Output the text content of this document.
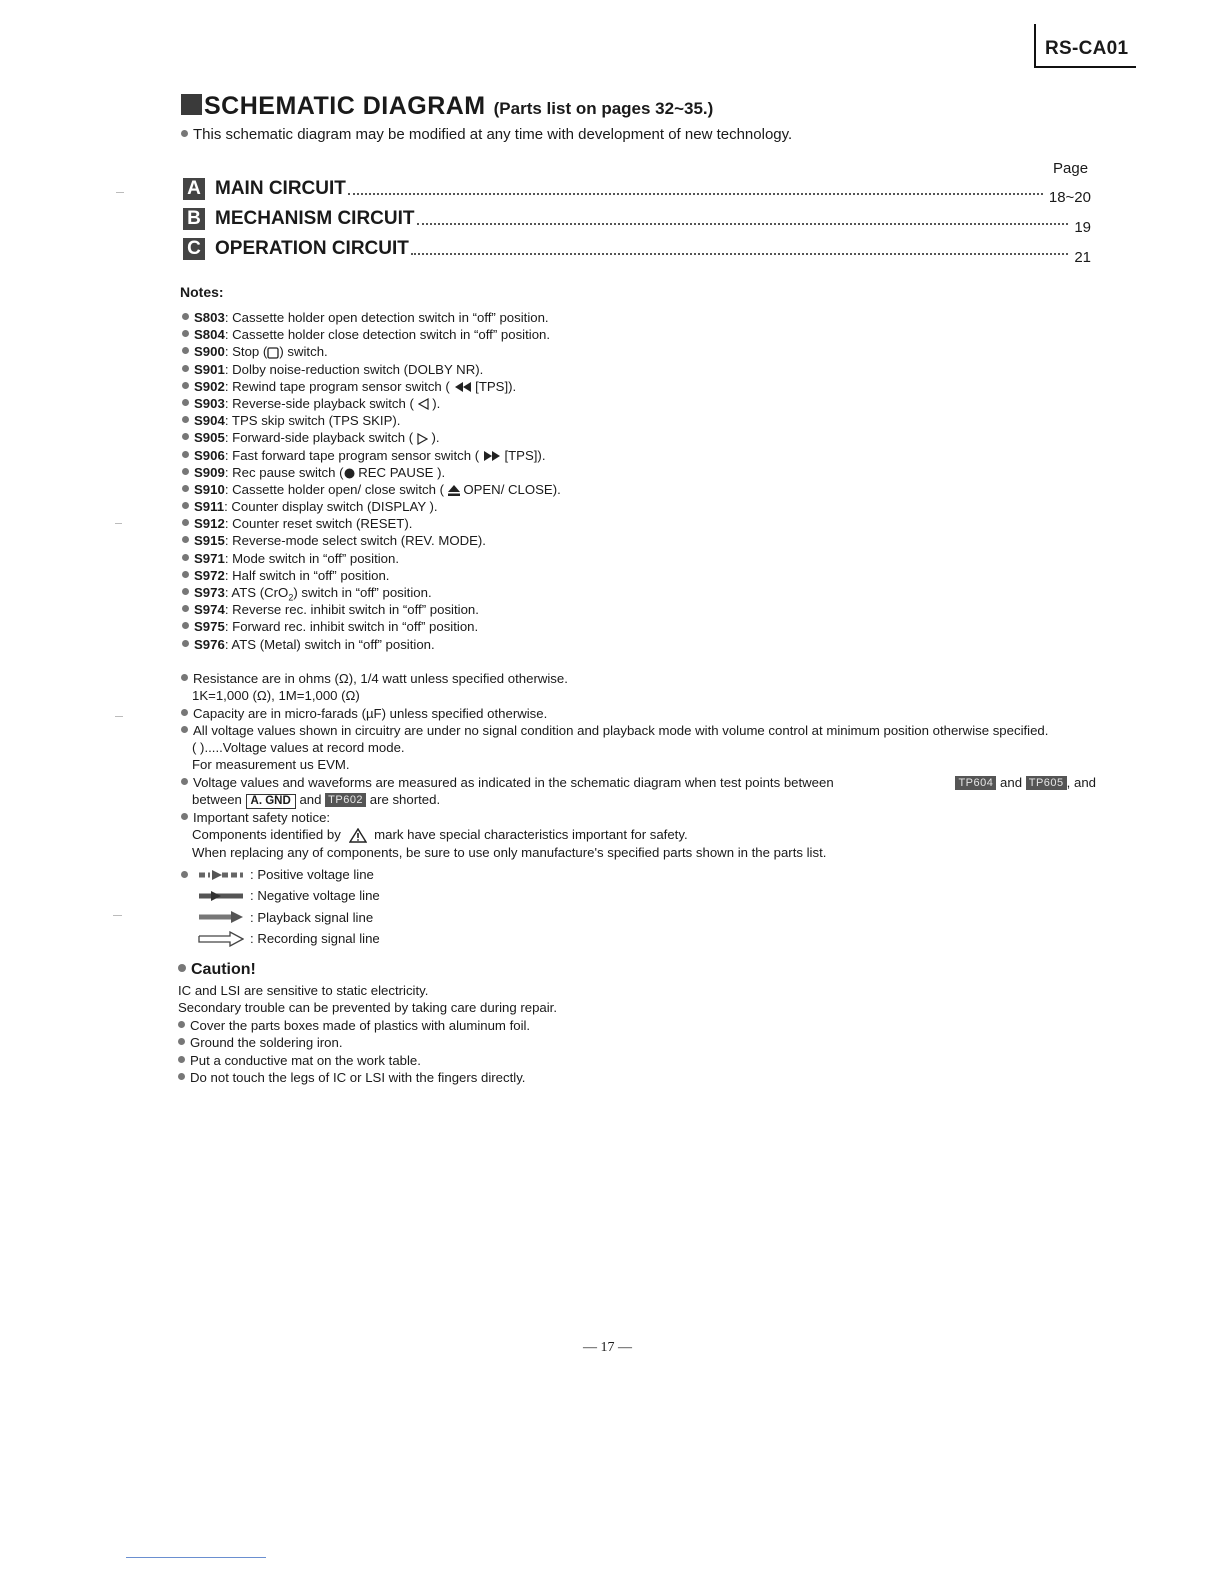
RS-CA01
SCHEMATIC DIAGRAM (Parts list on pages 32~35.)
This schematic diagram may be modified at any time with development of new technology.
Page
A MAIN CIRCUIT	18~20
B MECHANISM CIRCUIT	19
C OPERATION CIRCUIT	21
Notes:
S803: Cassette holder open detection switch in “off” position.
S804: Cassette holder close detection switch in “off” position.
S900: Stop ( ) switch.
S901: Dolby noise-reduction switch (DOLBY NR).
S902: Rewind tape program sensor switch (  [TPS]).
S903: Reverse-side playback switch (  ).
S904: TPS skip switch (TPS SKIP).
S905: Forward-side playback switch (  ).
S906: Fast forward tape program sensor switch (  [TPS]).
S909: Rec pause switch ( REC PAUSE ).
S910: Cassette holder open/ close switch (  OPEN/ CLOSE).
S911: Counter display switch (DISPLAY ).
S912: Counter reset switch (RESET).
S915: Reverse-mode select switch (REV. MODE).
S971: Mode switch in “off” position.
S972: Half switch in “off” position.
S973: ATS (CrO$_2$) switch in “off” position.
S974: Reverse rec. inhibit switch in “off” position.
S975: Forward rec. inhibit switch in “off” position.
S976: ATS (Metal) switch in “off” position.
Resistance are in ohms (Ω), 1/4 watt unless specified otherwise.
1K=1,000 (Ω), 1M=1,000 (Ω)
Capacity are in micro-farads (µF) unless specified otherwise.
All voltage values shown in circuitry are under no signal condition and playback mode with volume control at minimum position otherwise specified.
( ).....Voltage values at record mode.
For measurement us EVM.
Voltage values and waveforms are measured as indicated in the schematic diagram when test points between	TP604 and TP605 , and
between A. GND and TP602 are shorted.
Important safety notice:
Components identified by	mark have special characteristics important for safety.
When replacing any of components, be sure to use only manufacture's specified parts shown in the parts list.
: Positive voltage line
: Negative voltage line
: Playback signal line
: Recording signal line
Caution!
IC and LSI are sensitive to static electricity.
Secondary trouble can be prevented by taking care during repair.
Cover the parts boxes made of plastics with aluminum foil.
Ground the soldering iron.
Put a conductive mat on the work table.
Do not touch the legs of IC or LSI with the fingers directly.
— 17 —
